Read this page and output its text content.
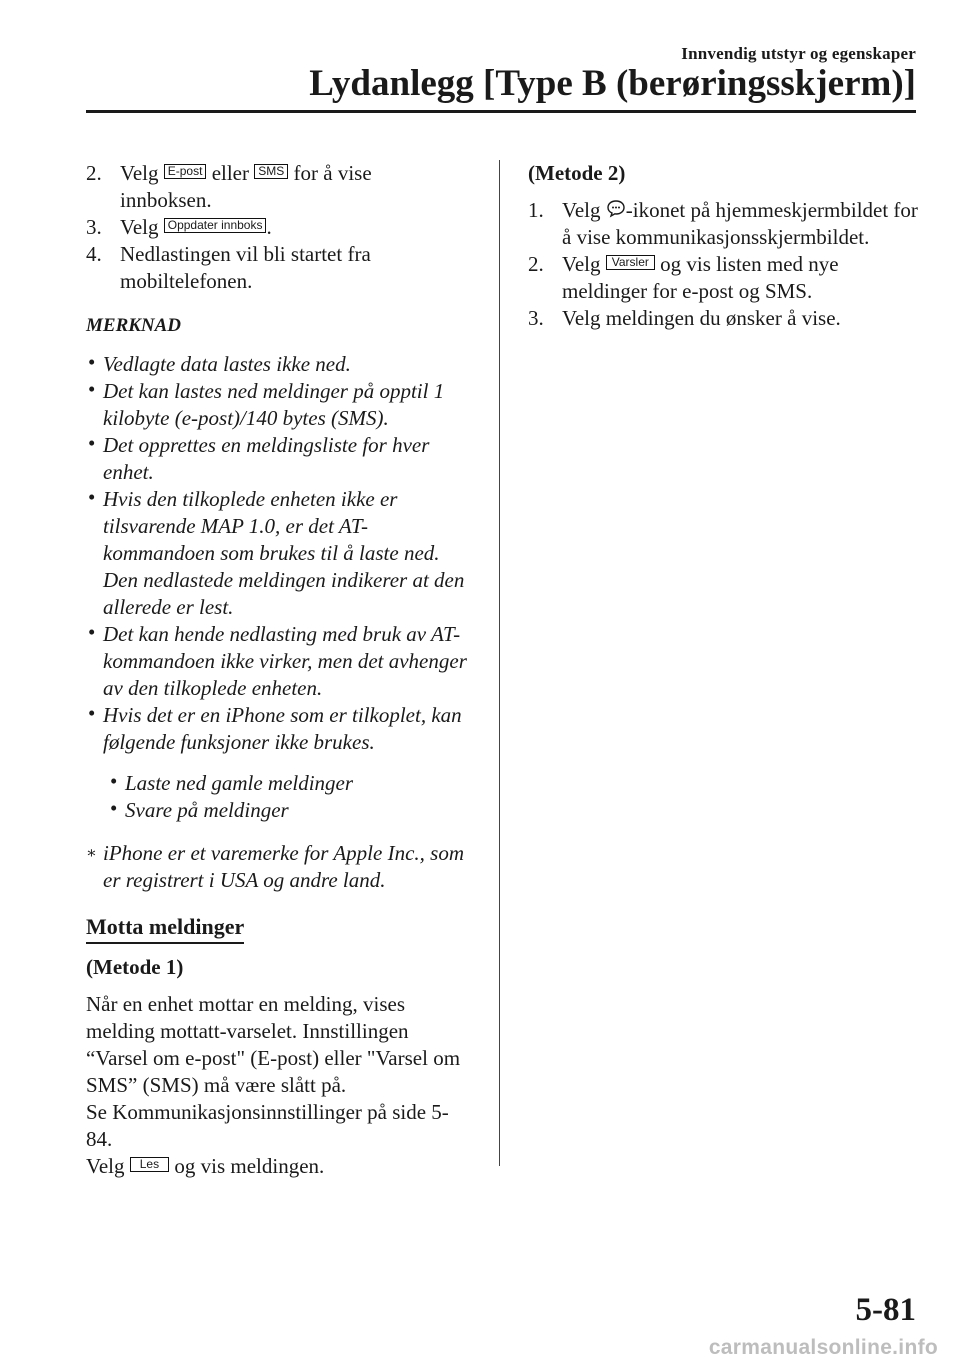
Innvendig utstyr og egenskaper
Lydanlegg [Type B (berøringsskjerm)]
2. Velg E-post eller SMS for å vise innboksen.
3. Velg Oppdater innboks .
4. Nedlastingen vil bli startet fra mobiltelefonen.
MERKNAD
• Vedlagte data lastes ikke ned.
• Det kan lastes ned meldinger på opptil 1 kilobyte (e-post)/140 bytes (SMS).
• Det opprettes en meldingsliste for hver enhet.
• Hvis den tilkoplede enheten ikke er tilsvarende MAP 1.0, er det AT-kommandoen som brukes til å laste ned. Den nedlastede meldingen indikerer at den allerede er lest.
• Det kan hende nedlasting med bruk av AT-kommandoen ikke virker, men det avhenger av den tilkoplede enheten.
• Hvis det er en iPhone som er tilkoplet, kan følgende funksjoner ikke brukes.
• Laste ned gamle meldinger
• Svare på meldinger
∗ iPhone er et varemerke for Apple Inc., som er registrert i USA og andre land.
Motta meldinger
(Metode 1)
Når en enhet mottar en melding, vises melding mottatt-varselet. Innstillingen “Varsel om e-post" (E-post) eller "Varsel om SMS” (SMS) må være slått på.
Se Kommunikasjonsinnstillinger på side 5-84.
Velg Les og vis meldingen.
(Metode 2)
1. Velg -ikonet på hjemmeskjermbildet for å vise kommunikasjonsskjermbildet.
2. Velg Varsler og vis listen med nye meldinger for e-post og SMS.
3. Velg meldingen du ønsker å vise.
5-81
carmanualsonline.info
